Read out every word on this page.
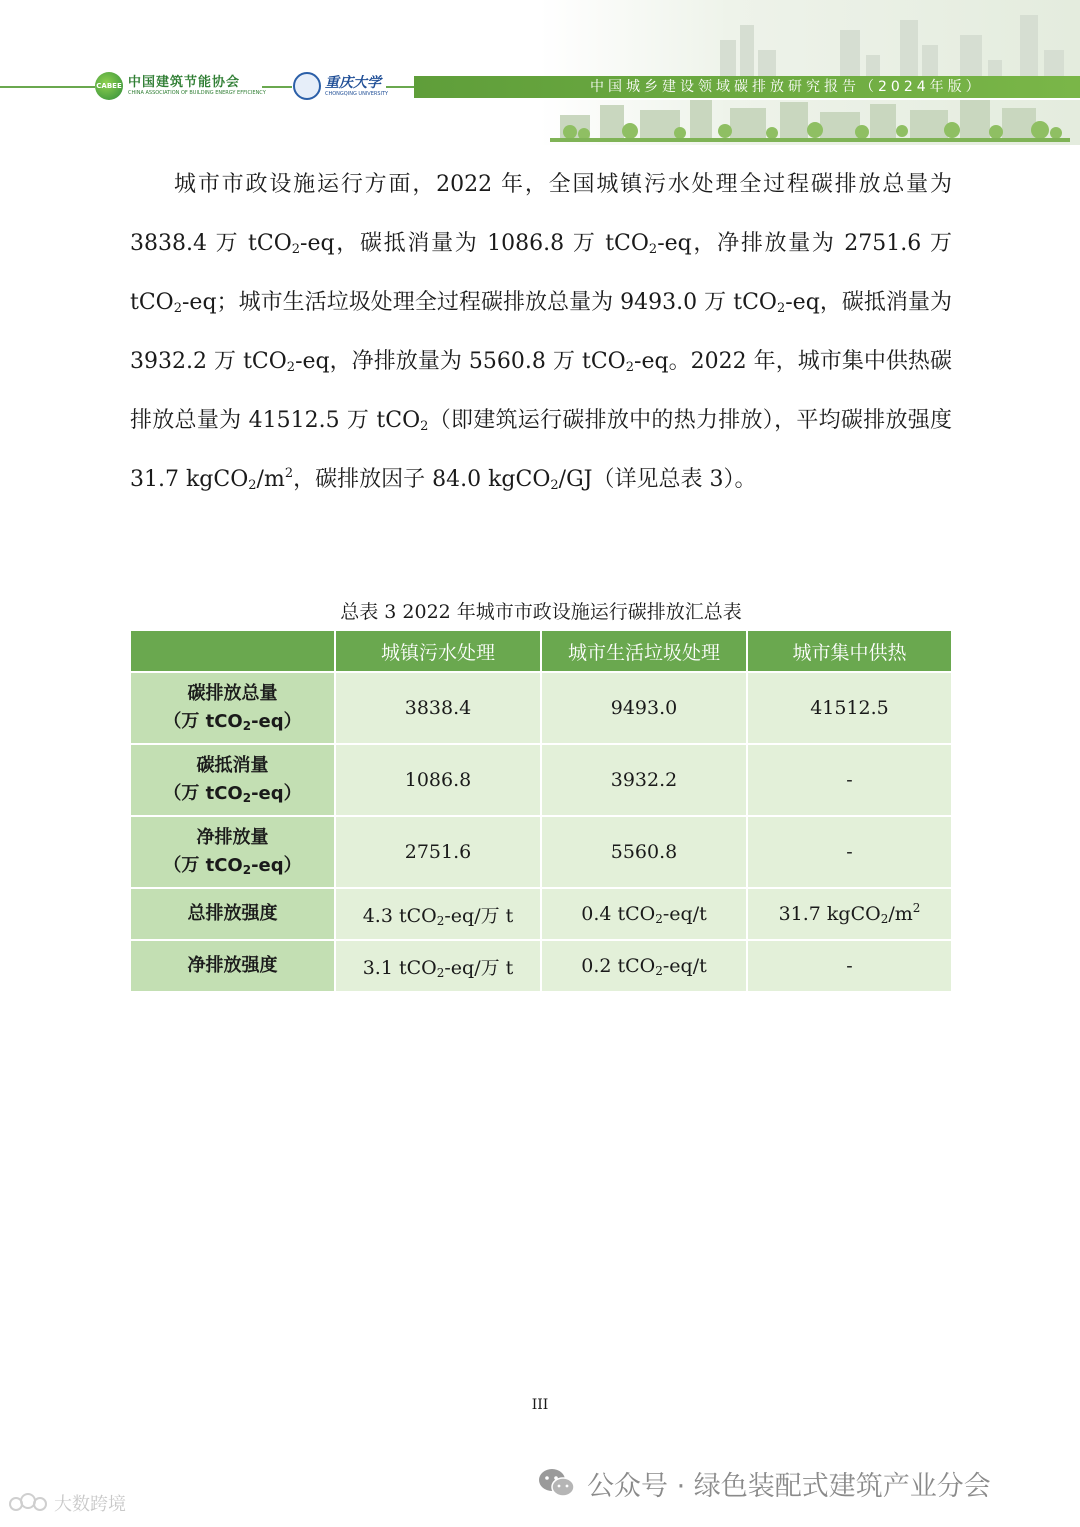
CABEE 中国建筑节能协会
CHINA ASSOCIATION OF BUILDING ENERGY EFFICIENCY
重庆大学
CHONGQING UNIVERSITY	中国城乡建设领域碳排放研究报告（2024年版）

城市市政设施运行方面，2022 年，全国城镇污水处理全过程碳排放总量为 3838.4 万 tCO$_2$-eq，碳抵消量为 1086.8 万 tCO$_2$-eq，净排放量为 2751.6 万 tCO$_2$-eq；城市生活垃圾处理全过程碳排放总量为 9493.0 万 tCO$_2$-eq，碳抵消量为 3932.2 万 tCO$_2$-eq，净排放量为 5560.8 万 tCO$_2$-eq。2022 年，城市集中供热碳排放总量为 41512.5 万 tCO$_2$（即建筑运行碳排放中的热力排放），平均碳排放强度 31.7 $kgCO_2/m^2$，碳排放因子 84.0 kgCO$_2$/GJ（详见总表 3）。

总表 3 2022 年城市市政设施运行碳排放汇总表
	城镇污水处理	城市生活垃圾处理	城市集中供热
碳排放总量
（万 tCO$_2$-eq）	3838.4	9493.0	41512.5
碳抵消量
（万 tCO$_2$-eq）	1086.8	3932.2	-
净排放量
（万 tCO$_2$-eq）	2751.6	5560.8	-
总排放强度	4.3 tCO$_2$-eq/万 t	0.4 tCO$_2$-eq/t	31.7 $kgCO_2/m^2$
净排放强度	3.1 tCO$_2$-eq/万 t	0.2 tCO$_2$-eq/t	-
III
公众号 · 绿色装配式建筑产业分会
大数跨境
